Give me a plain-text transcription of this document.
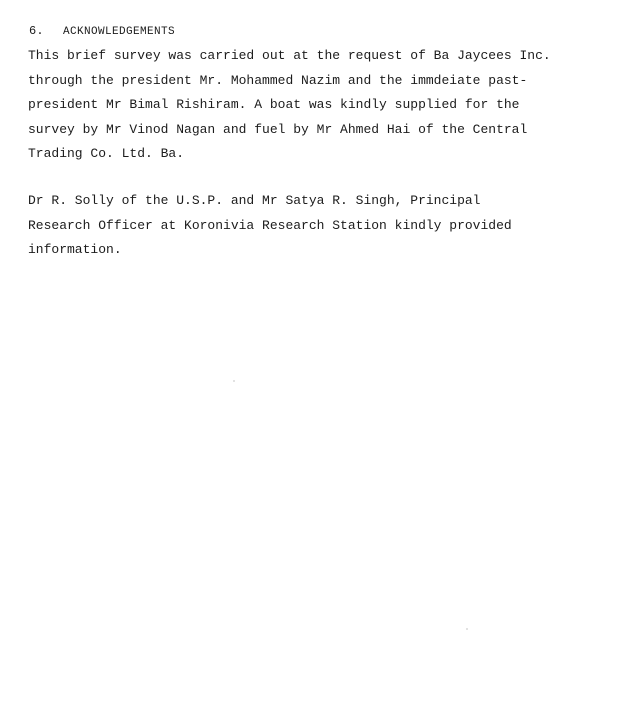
6. ACKNOWLEDGEMENTS
This brief survey was carried out at the request of Ba Jaycees Inc.
through the president Mr. Mohammed Nazim and the immdeiate past-
president Mr Bimal Rishiram. A boat was kindly supplied for the
survey by Mr Vinod Nagan and fuel by Mr Ahmed Hai of the Central
Trading Co. Ltd. Ba.
Dr R. Solly of the U.S.P. and Mr Satya R. Singh, Principal
Research Officer at Koronivia Research Station kindly provided
information.
